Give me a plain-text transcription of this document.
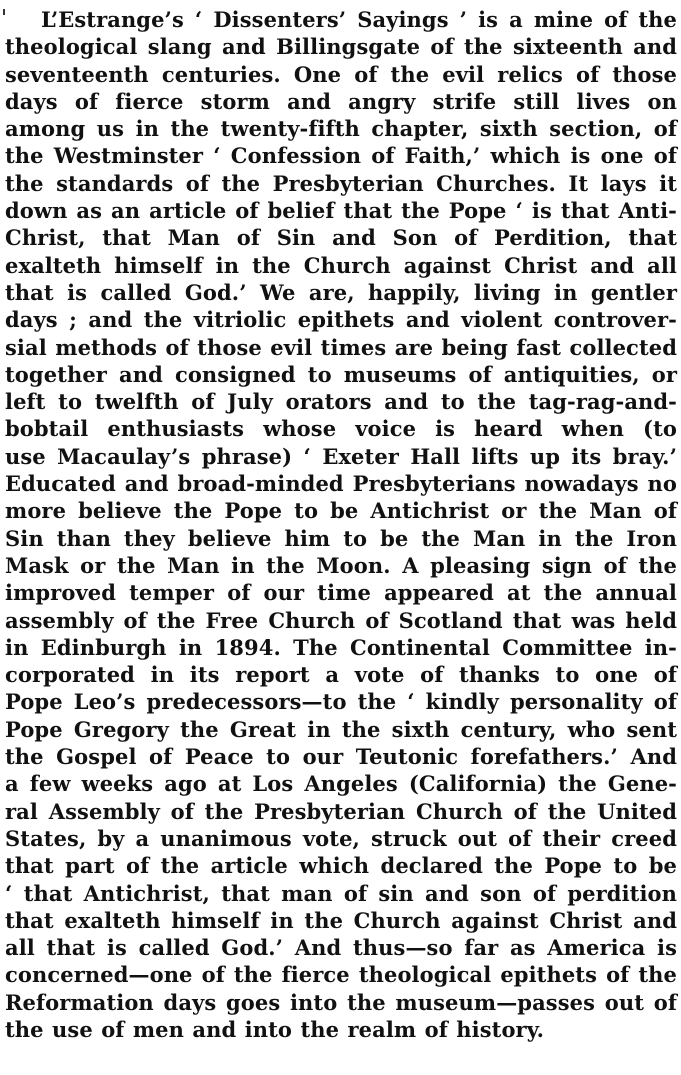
L’Estrange’s ‘ Dissenters’ Sayings ’ is a mine of the
theological slang and Billingsgate of the sixteenth and
seventeenth centuries. One of the evil relics of those
days of fierce storm and angry strife still lives on
among us in the twenty-fifth chapter, sixth section, of
the Westminster ‘ Confession of Faith,’ which is one of
the standards of the Presbyterian Churches. It lays it
down as an article of belief that the Pope ‘ is that Anti-
Christ, that Man of Sin and Son of Perdition, that
exalteth himself in the Church against Christ and all
that is called God.’ We are, happily, living in gentler
days ; and the vitriolic epithets and violent controver-
sial methods of those evil times are being fast collected
together and consigned to museums of antiquities, or
left to twelfth of July orators and to the tag-rag-and-
bobtail enthusiasts whose voice is heard when (to
use Macaulay’s phrase) ‘ Exeter Hall lifts up its bray.’
Educated and broad-minded Presbyterians nowadays no
more believe the Pope to be Antichrist or the Man of
Sin than they believe him to be the Man in the Iron
Mask or the Man in the Moon. A pleasing sign of the
improved temper of our time appeared at the annual
assembly of the Free Church of Scotland that was held
in Edinburgh in 1894. The Continental Committee in-
corporated in its report a vote of thanks to one of
Pope Leo’s predecessors—to the ‘ kindly personality of
Pope Gregory the Great in the sixth century, who sent
the Gospel of Peace to our Teutonic forefathers.’ And
a few weeks ago at Los Angeles (California) the Gene-
ral Assembly of the Presbyterian Church of the United
States, by a unanimous vote, struck out of their creed
that part of the article which declared the Pope to be
‘ that Antichrist, that man of sin and son of perdition
that exalteth himself in the Church against Christ and
all that is called God.’ And thus—so far as America is
concerned—one of the fierce theological epithets of the
Reformation days goes into the museum—passes out of
the use of men and into the realm of history.
